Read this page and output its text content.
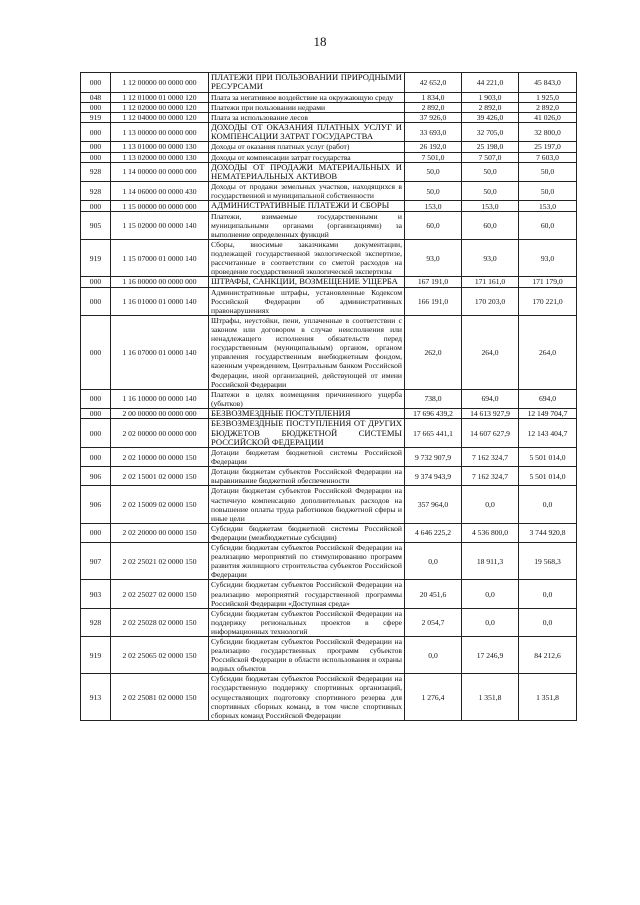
18
000	1 12 00000 00 0000 000	ПЛАТЕЖИ ПРИ ПОЛЬЗОВАНИИ ПРИРОДНЫМИ РЕСУРСАМИ	42 652,0	44 221,0	45 843,0
048	1 12 01000 01 0000 120	Плата за негативное воздействие на окружающую среду	1 834,0	1 903,0	1 925,0
000	1 12 02000 00 0000 120	Платежи при пользовании недрами	2 892,0	2 892,0	2 892,0
919	1 12 04000 00 0000 120	Плата за использование лесов	37 926,0	39 426,0	41 026,0
000	1 13 00000 00 0000 000	ДОХОДЫ ОТ ОКАЗАНИЯ ПЛАТНЫХ УСЛУГ И КОМПЕНСАЦИИ ЗАТРАТ ГОСУДАРСТВА	33 693,0	32 705,0	32 800,0
000	1 13 01000 00 0000 130	Доходы от оказания платных услуг (работ)	26 192,0	25 198,0	25 197,0
000	1 13 02000 00 0000 130	Доходы от компенсации затрат государства	7 501,0	7 507,0	7 603,0
928	1 14 00000 00 0000 000	ДОХОДЫ ОТ ПРОДАЖИ МАТЕРИАЛЬНЫХ И НЕМАТЕРИАЛЬНЫХ АКТИВОВ	50,0	50,0	50,0
928	1 14 06000 00 0000 430	Доходы от продажи земельных участков, находящихся в государственной и муниципальной собственности	50,0	50,0	50,0
000	1 15 00000 00 0000 000	АДМИНИСТРАТИВНЫЕ ПЛАТЕЖИ И СБОРЫ	153,0	153,0	153,0
905	1 15 02000 00 0000 140	Платежи, взимаемые государственными и муниципальными органами (организациями) за выполнение определенных функций	60,0	60,0	60,0
919	1 15 07000 01 0000 140	Сборы, вносимые заказчиками документации, подлежащей государственной экологической экспертизе, рассчитанные в соответствии со сметой расходов на проведение государственной экологической экспертизы	93,0	93,0	93,0
000	1 16 00000 00 0000 000	ШТРАФЫ, САНКЦИИ, ВОЗМЕЩЕНИЕ УЩЕРБА	167 191,0	171 161,0	171 179,0
000	1 16 01000 01 0000 140	Административные штрафы, установленные Кодексом Российской Федерации об административных правонарушениях	166 191,0	170 203,0	170 221,0
000	1 16 07000 01 0000 140	Штрафы, неустойки, пени, уплаченные в соответствии с законом или договором в случае неисполнения или ненадлежащего исполнения обязательств перед государственным (муниципальным) органом, органом управления государственным внебюджетным фондом, казенным учреждением, Центральным банком Российской Федерации, иной организацией, действующей от имени Российской Федерации	262,0	264,0	264,0
000	1 16 10000 00 0000 140	Платежи в целях возмещения причиненного ущерба (убытков)	738,0	694,0	694,0
000	2 00 00000 00 0000 000	БЕЗВОЗМЕЗДНЫЕ ПОСТУПЛЕНИЯ	17 696 439,2	14 613 927,9	12 149 704,7
000	2 02 00000 00 0000 000	БЕЗВОЗМЕЗДНЫЕ ПОСТУПЛЕНИЯ ОТ ДРУГИХ БЮДЖЕТОВ БЮДЖЕТНОЙ СИСТЕМЫ РОССИЙСКОЙ ФЕДЕРАЦИИ	17 665 441,1	14 607 627,9	12 143 404,7
000	2 02 10000 00 0000 150	Дотации бюджетам бюджетной системы Российской Федерации	9 732 907,9	7 162 324,7	5 501 014,0
906	2 02 15001 02 0000 150	Дотации бюджетам субъектов Российской Федерации на выравнивание бюджетной обеспеченности	9 374 943,9	7 162 324,7	5 501 014,0
906	2 02 15009 02 0000 150	Дотации бюджетам субъектов Российской Федерации на частичную компенсацию дополнительных расходов на повышение оплаты труда работников бюджетной сферы и иные цели	357 964,0	0,0	0,0
000	2 02 20000 00 0000 150	Субсидии бюджетам бюджетной системы Российской Федерации (межбюджетные субсидии)	4 646 225,2	4 536 800,0	3 744 920,8
907	2 02 25021 02 0000 150	Субсидии бюджетам субъектов Российской Федерации на реализацию мероприятий по стимулированию программ развития жилищного строительства субъектов Российской Федерации	0,0	18 911,3	19 568,3
903	2 02 25027 02 0000 150	Субсидии бюджетам субъектов Российской Федерации на реализацию мероприятий государственной программы Российской Федерации «Доступная среда»	20 451,6	0,0	0,0
928	2 02 25028 02 0000 150	Субсидии бюджетам субъектов Российской Федерации на поддержку региональных проектов в сфере информационных технологий	2 054,7	0,0	0,0
919	2 02 25065 02 0000 150	Субсидии бюджетам субъектов Российской Федерации на реализацию государственных программ субъектов Российской Федерации в области использования и охраны водных объектов	0,0	17 246,9	84 212,6
913	2 02 25081 02 0000 150	Субсидии бюджетам субъектов Российской Федерации на государственную поддержку спортивных организаций, осуществляющих подготовку спортивного резерва для спортивных сборных команд, в том числе спортивных сборных команд Российской Федерации	1 276,4	1 351,8	1 351,8
